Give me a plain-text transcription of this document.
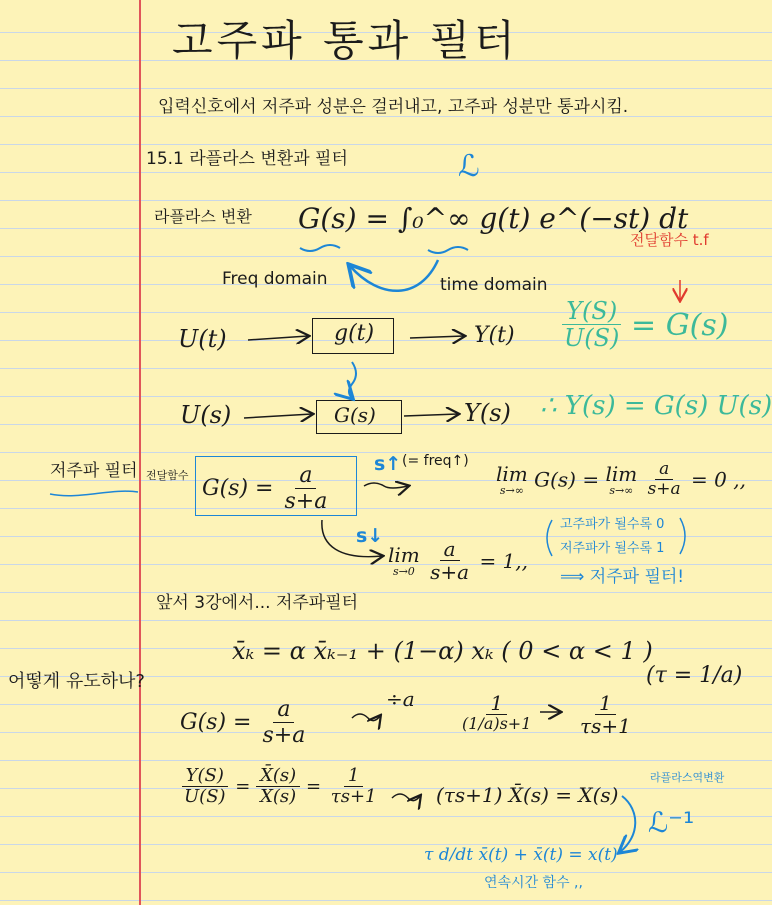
고주파 통과 필터
입력신호에서 저주파 성분은 걸러내고, 고주파 성분만 통과시킴.
15.1 라플라스 변환과 필터	ℒ
라플라스 변환 G(s) = ∫₀^∞ g(t) e^(−st) dt
Freq domain	time domain
전달함수 t.f
$\frac{Y(S)}{U(S)} = G(s)$
U(t)	g(t)	Y(t)
U(s)	G(s)	Y(s) ∴ Y(s) = G(s) U(s)
저주파 필터 전달함수
$G(s) = \frac{a}{s+a}$ s↑ (= freq↑)
lim
s→∞ G(s) = lim
s→∞
$\frac{a}{s+a} = 0$ ,,
s↓
lim
s→0
$\frac{a}{s+a} = 1$,,
고주파가 될수록 0
저주파가 될수록 1
⟹ 저주파 필터!
앞서 3강에서... 저주파필터
x̄ₖ = α x̄ₖ₋₁ + (1−α) xₖ ( 0 < α < 1 )
어떻게 유도하나?	(τ = 1/a)
$G(s) = \frac{a}{s+a}$	$\div a \frac{1}{(1/a)s+1} \frac{1}{\tau s+1}$
$\frac{Y(S)}{U(S)} = \frac{X̄(s)}{X(s)} = \frac{1}{\tau s+1}$	(τs+1) X̄(s) = X(s)
라플라스역변환
ℒ⁻¹
τ d/dt x̄(t) + x̄(t) = x(t)
연속시간 함수 ,,
